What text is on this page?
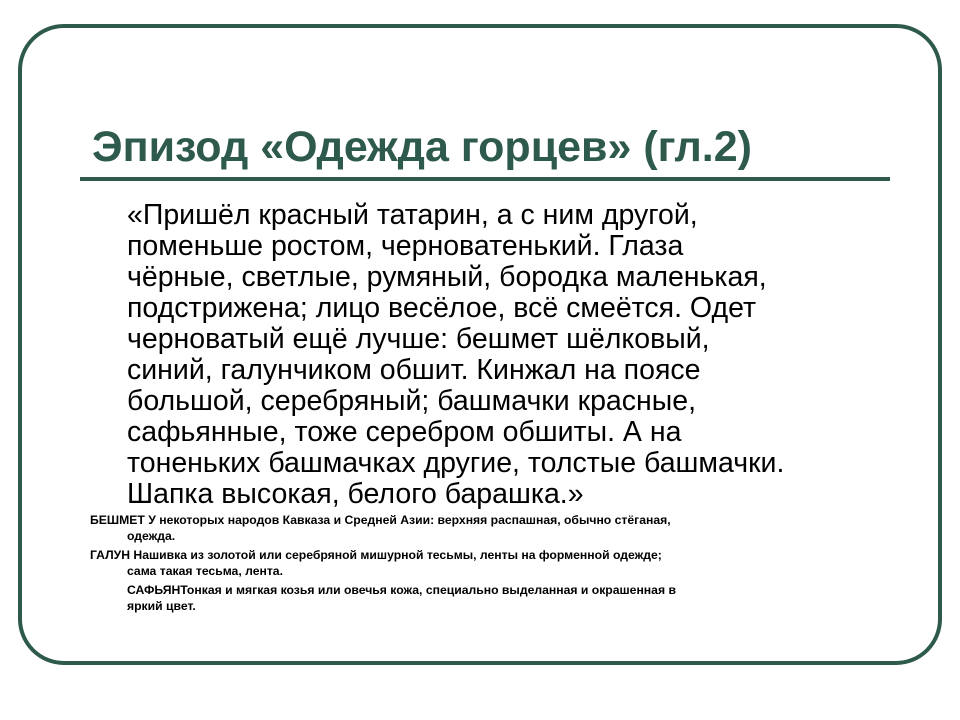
Эпизод «Одежда горцев» (гл.2)
«Пришёл красный татарин, а с ним другой,
поменьше ростом, черноватенький. Глаза
чёрные, светлые, румяный, бородка маленькая,
подстрижена; лицо весёлое, всё смеётся. Одет
черноватый ещё лучше: бешмет шёлковый,
синий, галунчиком обшит. Кинжал на поясе
большой, серебряный; башмачки красные,
сафьянные, тоже серебром обшиты. А на
тоненьких башмачках другие, толстые башмачки.
Шапка высокая, белого барашка.»
БЕШМЕТ У некоторых народов Кавказа и Средней Азии: верхняя распашная, обычно стёганая,
одежда.
ГАЛУН Нашивка из золотой или серебряной мишурной тесьмы, ленты на форменной одежде;
сама такая тесьма, лента.
САФЬЯНТонкая и мягкая козья или овечья кожа, специально выделанная и окрашенная в
яркий цвет.
